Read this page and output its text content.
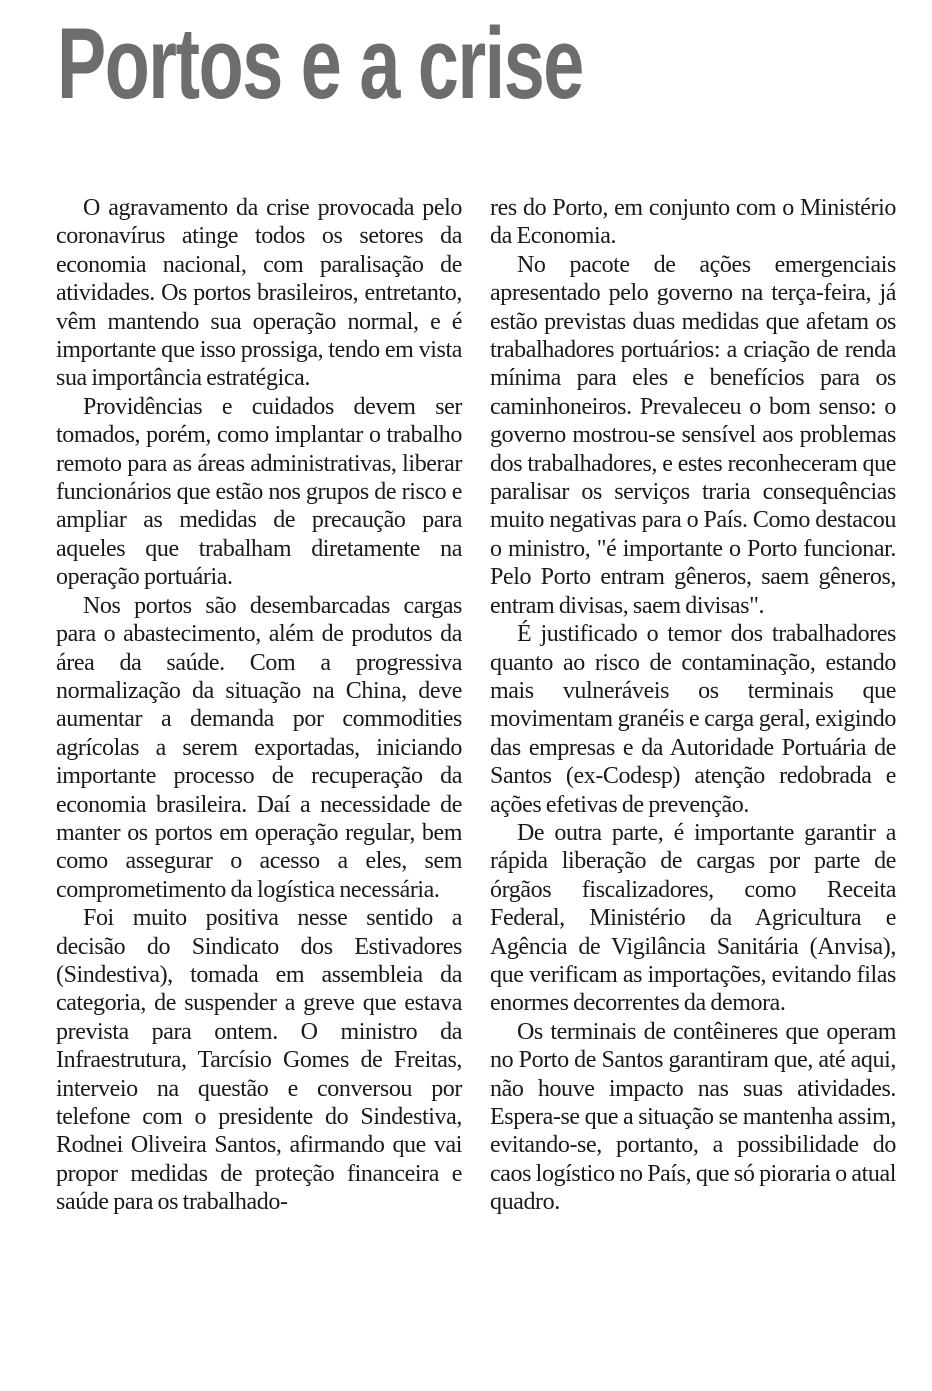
Portos e a crise

O agravamento da crise provocada pelo coronavírus atinge todos os setores da economia nacional, com paralisação de atividades. Os portos brasileiros, entretanto, vêm mantendo sua operação normal, e é importante que isso prossiga, tendo em vista sua importância estratégica.

Providências e cuidados devem ser tomados, porém, como implantar o trabalho remoto para as áreas administrativas, liberar funcionários que estão nos grupos de risco e ampliar as medidas de precaução para aqueles que trabalham diretamente na operação portuária.

Nos portos são desembarcadas cargas para o abastecimento, além de produtos da área da saúde. Com a progressiva normalização da situação na China, deve aumentar a demanda por commodities agrícolas a serem exportadas, iniciando importante processo de recuperação da economia brasileira. Daí a necessidade de manter os portos em operação regular, bem como assegurar o acesso a eles, sem comprometimento da logística necessária.

Foi muito positiva nesse sentido a decisão do Sindicato dos Estivadores (Sindestiva), tomada em assembleia da categoria, de suspender a greve que estava prevista para ontem. O ministro da Infraestrutura, Tarcísio Gomes de Freitas, interveio na questão e conversou por telefone com o presidente do Sindestiva, Rodnei Oliveira Santos, afirmando que vai propor medidas de proteção financeira e saúde para os trabalhado-

res do Porto, em conjunto com o Ministério da Economia.

No pacote de ações emergenciais apresentado pelo governo na terça-feira, já estão previstas duas medidas que afetam os trabalhadores portuários: a criação de renda mínima para eles e benefícios para os caminhoneiros. Prevaleceu o bom senso: o governo mostrou-se sensível aos problemas dos trabalhadores, e estes reconheceram que paralisar os serviços traria consequências muito negativas para o País. Como destacou o ministro, "é importante o Porto funcionar. Pelo Porto entram gêneros, saem gêneros, entram divisas, saem divisas".

É justificado o temor dos trabalhadores quanto ao risco de contaminação, estando mais vulneráveis os terminais que movimentam granéis e carga geral, exigindo das empresas e da Autoridade Portuária de Santos (ex-Codesp) atenção redobrada e ações efetivas de prevenção.

De outra parte, é importante garantir a rápida liberação de cargas por parte de órgãos fiscalizadores, como Receita Federal, Ministério da Agricultura e Agência de Vigilância Sanitária (Anvisa), que verificam as importações, evitando filas enormes decorrentes da demora.

Os terminais de contêineres que operam no Porto de Santos garantiram que, até aqui, não houve impacto nas suas atividades. Espera-se que a situação se mantenha assim, evitando-se, portanto, a possibilidade do caos logístico no País, que só pioraria o atual quadro.
